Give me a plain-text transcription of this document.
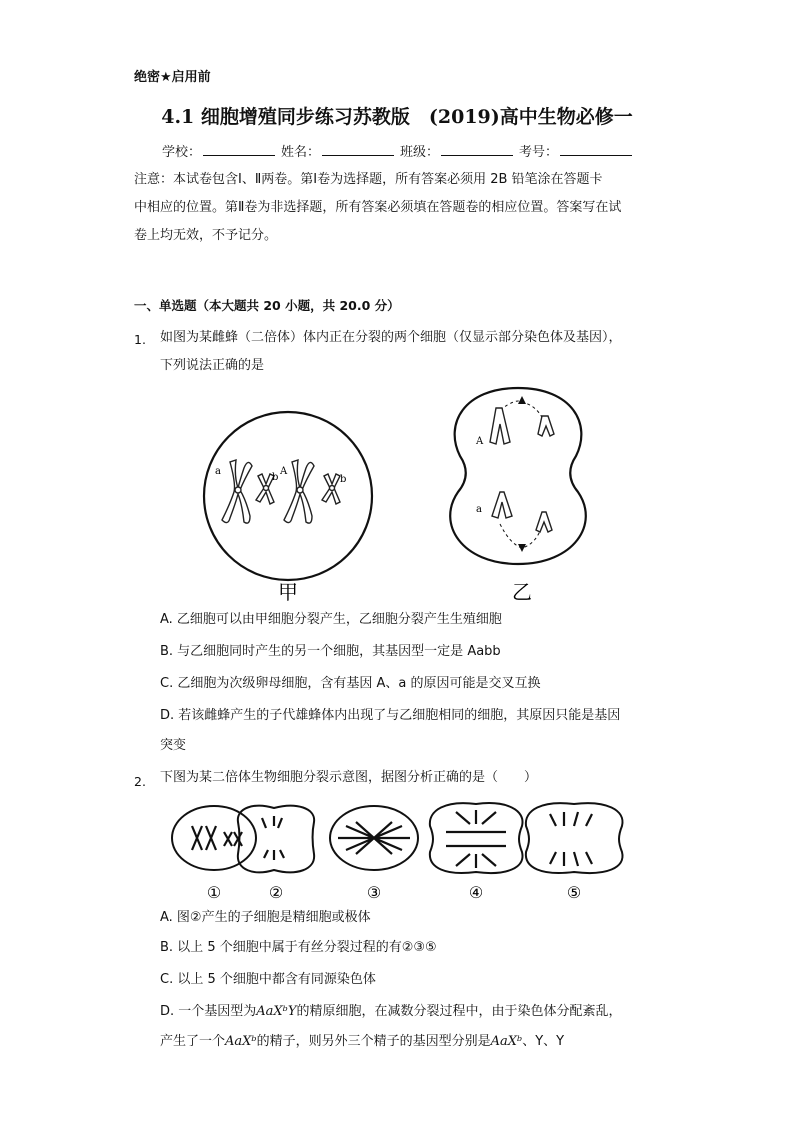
绝密★启用前
4.1 细胞增殖同步练习苏教版　(2019)高中生物必修一
学校：	姓名：	班级：	考号：
注意：本试卷包含Ⅰ、Ⅱ两卷。第Ⅰ卷为选择题，所有答案必须用 2B 铅笔涂在答题卡
中相应的位置。第Ⅱ卷为非选择题，所有答案必须填在答题卷的相应位置。答案写在试
卷上均无效，不予记分。
一、单选题（本大题共 20 小题，共 20.0 分）
1. 如图为某雌蜂（二倍体）体内正在分裂的两个细胞（仅显示部分染色体及基因），
下列说法正确的是
a
b
A
b
甲
A
a
乙
A. 乙细胞可以由甲细胞分裂产生，乙细胞分裂产生生殖细胞
B. 与乙细胞同时产生的另一个细胞，其基因型一定是 Aabb
C. 乙细胞为次级卵母细胞，含有基因 A、a 的原因可能是交叉互换
D. 若该雌蜂产生的子代雄蜂体内出现了与乙细胞相同的细胞，其原因只能是基因
突变
2. 下图为某二倍体生物细胞分裂示意图，据图分析正确的是（　　）
①	②	③	④	⑤
A. 图②产生的子细胞是精细胞或极体
B. 以上 5 个细胞中属于有丝分裂过程的有②③⑤
C. 以上 5 个细胞中都含有同源染色体
D. 一个基因型为AaXᵇY的精原细胞，在减数分裂过程中，由于染色体分配紊乱，
产生了一个AaXᵇ的精子，则另外三个精子的基因型分别是AaXᵇ、Y、Y
